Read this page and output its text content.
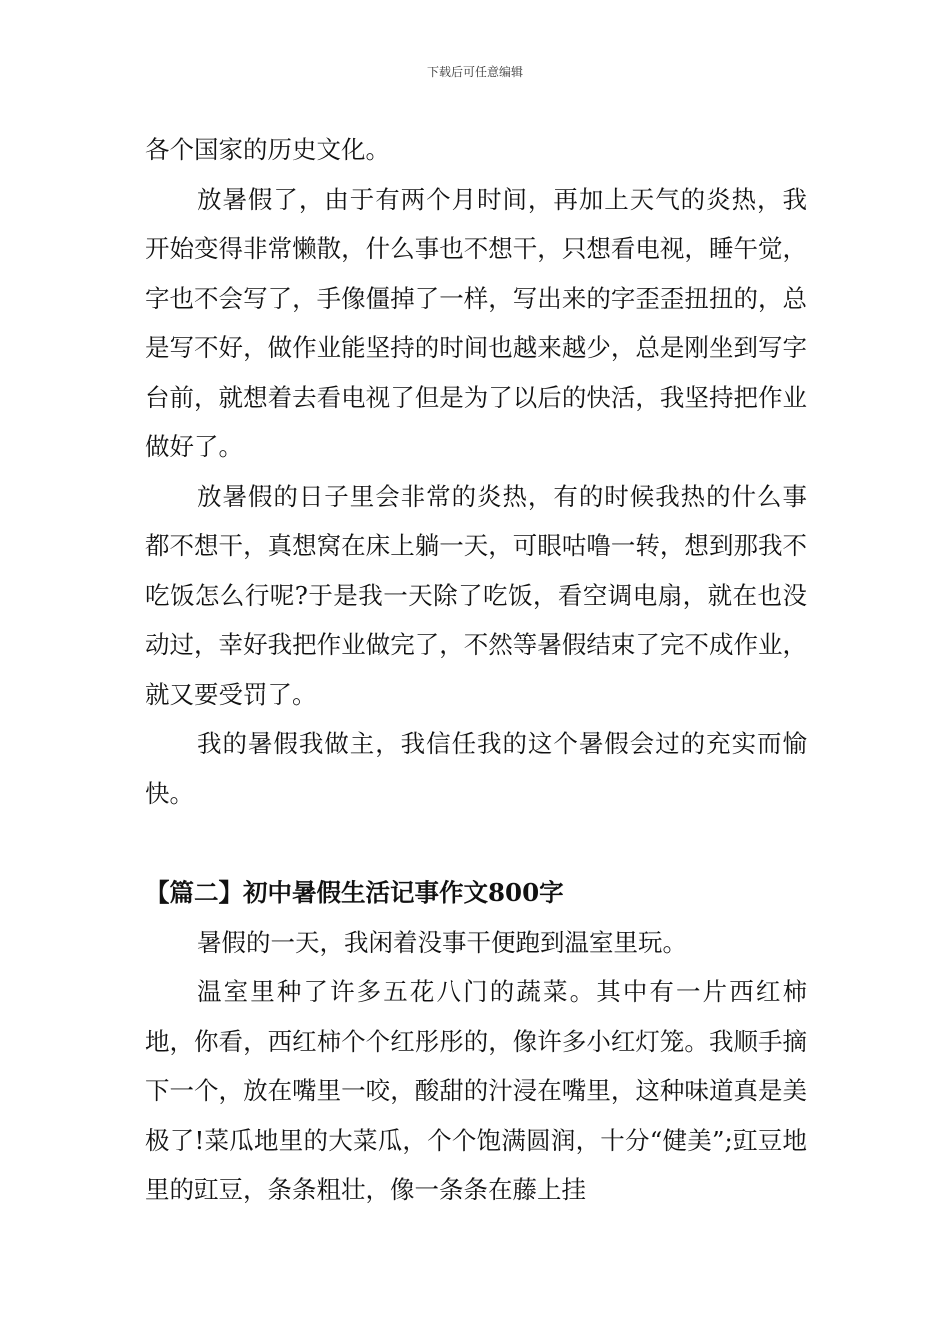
下载后可任意编辑

各个国家的历史文化。

放暑假了，由于有两个月时间，再加上天气的炎热，我开始变得非常懒散，什么事也不想干，只想看电视，睡午觉，字也不会写了，手像僵掉了一样，写出来的字歪歪扭扭的，总是写不好，做作业能坚持的时间也越来越少，总是刚坐到写字台前，就想着去看电视了但是为了以后的快活，我坚持把作业做好了。

放暑假的日子里会非常的炎热，有的时候我热的什么事都不想干，真想窝在床上躺一天，可眼咕噜一转，想到那我不吃饭怎么行呢?于是我一天除了吃饭，看空调电扇，就在也没动过，幸好我把作业做完了，不然等暑假结束了完不成作业，就又要受罚了。

我的暑假我做主，我信任我的这个暑假会过的充实而愉快。

【篇二】初中暑假生活记事作文800字

暑假的一天，我闲着没事干便跑到温室里玩。

温室里种了许多五花八门的蔬菜。其中有一片西红柿地，你看，西红柿个个红彤彤的，像许多小红灯笼。我顺手摘下一个，放在嘴里一咬，酸甜的汁浸在嘴里，这种味道真是美极了!菜瓜地里的大菜瓜，个个饱满圆润，十分“健美”;豇豆地里的豇豆，条条粗壮，像一条条在藤上挂
